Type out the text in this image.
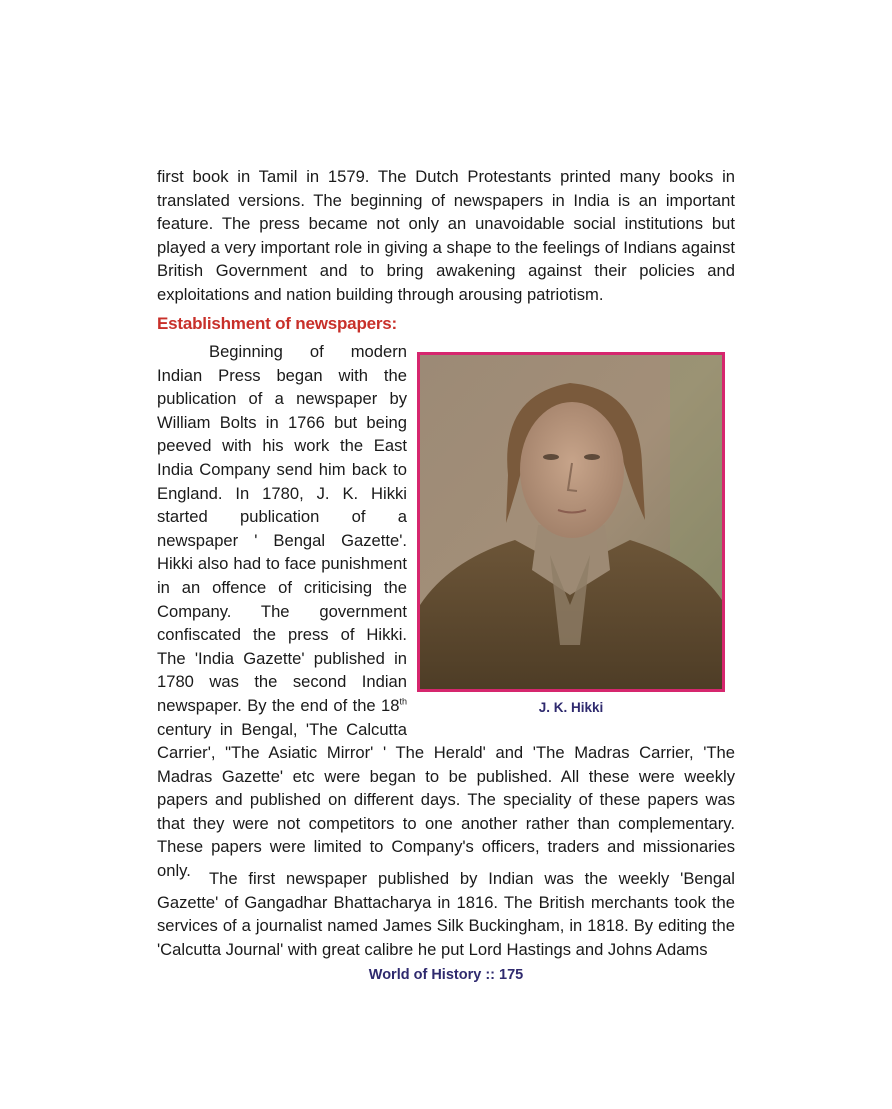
first book in Tamil in 1579. The Dutch Protestants printed many books in translated versions. The beginning of newspapers in India is an important feature. The press became not only an unavoidable social institutions but played a very important role in giving a shape to the feelings of Indians against British Government and to bring awakening against their policies and exploitations and nation building through arousing patriotism.

Establishment of newspapers:
J. K. Hikki

Beginning of modern Indian Press began with the publication of a newspaper by William Bolts in 1766 but being peeved with his work the East India Company send him back to England. In 1780, J. K. Hikki started publication of a newspaper ' Bengal Gazette'. Hikki also had to face punishment in an offence of criticising the Company. The government confiscated the press of Hikki. The 'India Gazette' published in 1780 was the second Indian newspaper. By the end of the 18th century in Bengal, 'The Calcutta Carrier', "The Asiatic Mirror' ' The Herald' and 'The Madras Carrier, 'The Madras Gazette' etc were began to be published. All these were weekly papers and published on different days. The speciality of these papers was that they were not competitors to one another rather than complementary. These papers were limited to Company's officers, traders and missionaries only.	The first newspaper published by Indian was the weekly 'Bengal Gazette' of Gangadhar Bhattacharya in 1816. The British merchants took the services of a journalist named James Silk Buckingham, in 1818. By editing the 'Calcutta Journal' with great calibre he put Lord Hastings and Johns Adams

World of History :: 175
